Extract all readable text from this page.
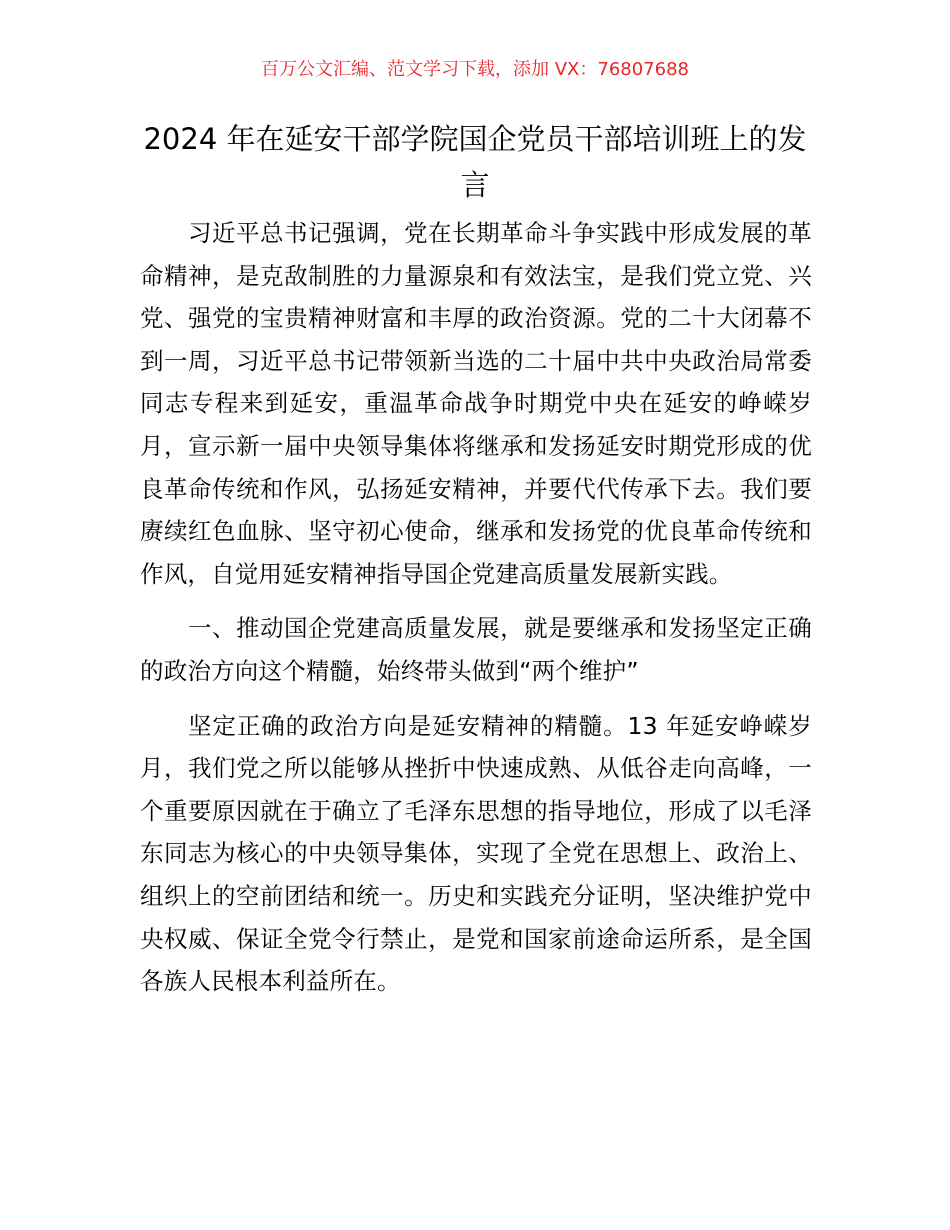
百万公文汇编、范文学习下载，添加 VX：76807688
2024 年在延安干部学院国企党员干部培训班上的发言

习近平总书记强调，党在长期革命斗争实践中形成发展的革命精神，是克敌制胜的力量源泉和有效法宝，是我们党立党、兴党、强党的宝贵精神财富和丰厚的政治资源。党的二十大闭幕不到一周，习近平总书记带领新当选的二十届中共中央政治局常委同志专程来到延安，重温革命战争时期党中央在延安的峥嵘岁月，宣示新一届中央领导集体将继承和发扬延安时期党形成的优良革命传统和作风，弘扬延安精神，并要代代传承下去。我们要赓续红色血脉、坚守初心使命，继承和发扬党的优良革命传统和作风，自觉用延安精神指导国企党建高质量发展新实践。

一、推动国企党建高质量发展，就是要继承和发扬坚定正确的政治方向这个精髓，始终带头做到“两个维护”

坚定正确的政治方向是延安精神的精髓。13 年延安峥嵘岁月，我们党之所以能够从挫折中快速成熟、从低谷走向高峰，一个重要原因就在于确立了毛泽东思想的指导地位，形成了以毛泽东同志为核心的中央领导集体，实现了全党在思想上、政治上、组织上的空前团结和统一。历史和实践充分证明，坚决维护党中央权威、保证全党令行禁止，是党和国家前途命运所系，是全国各族人民根本利益所在。
